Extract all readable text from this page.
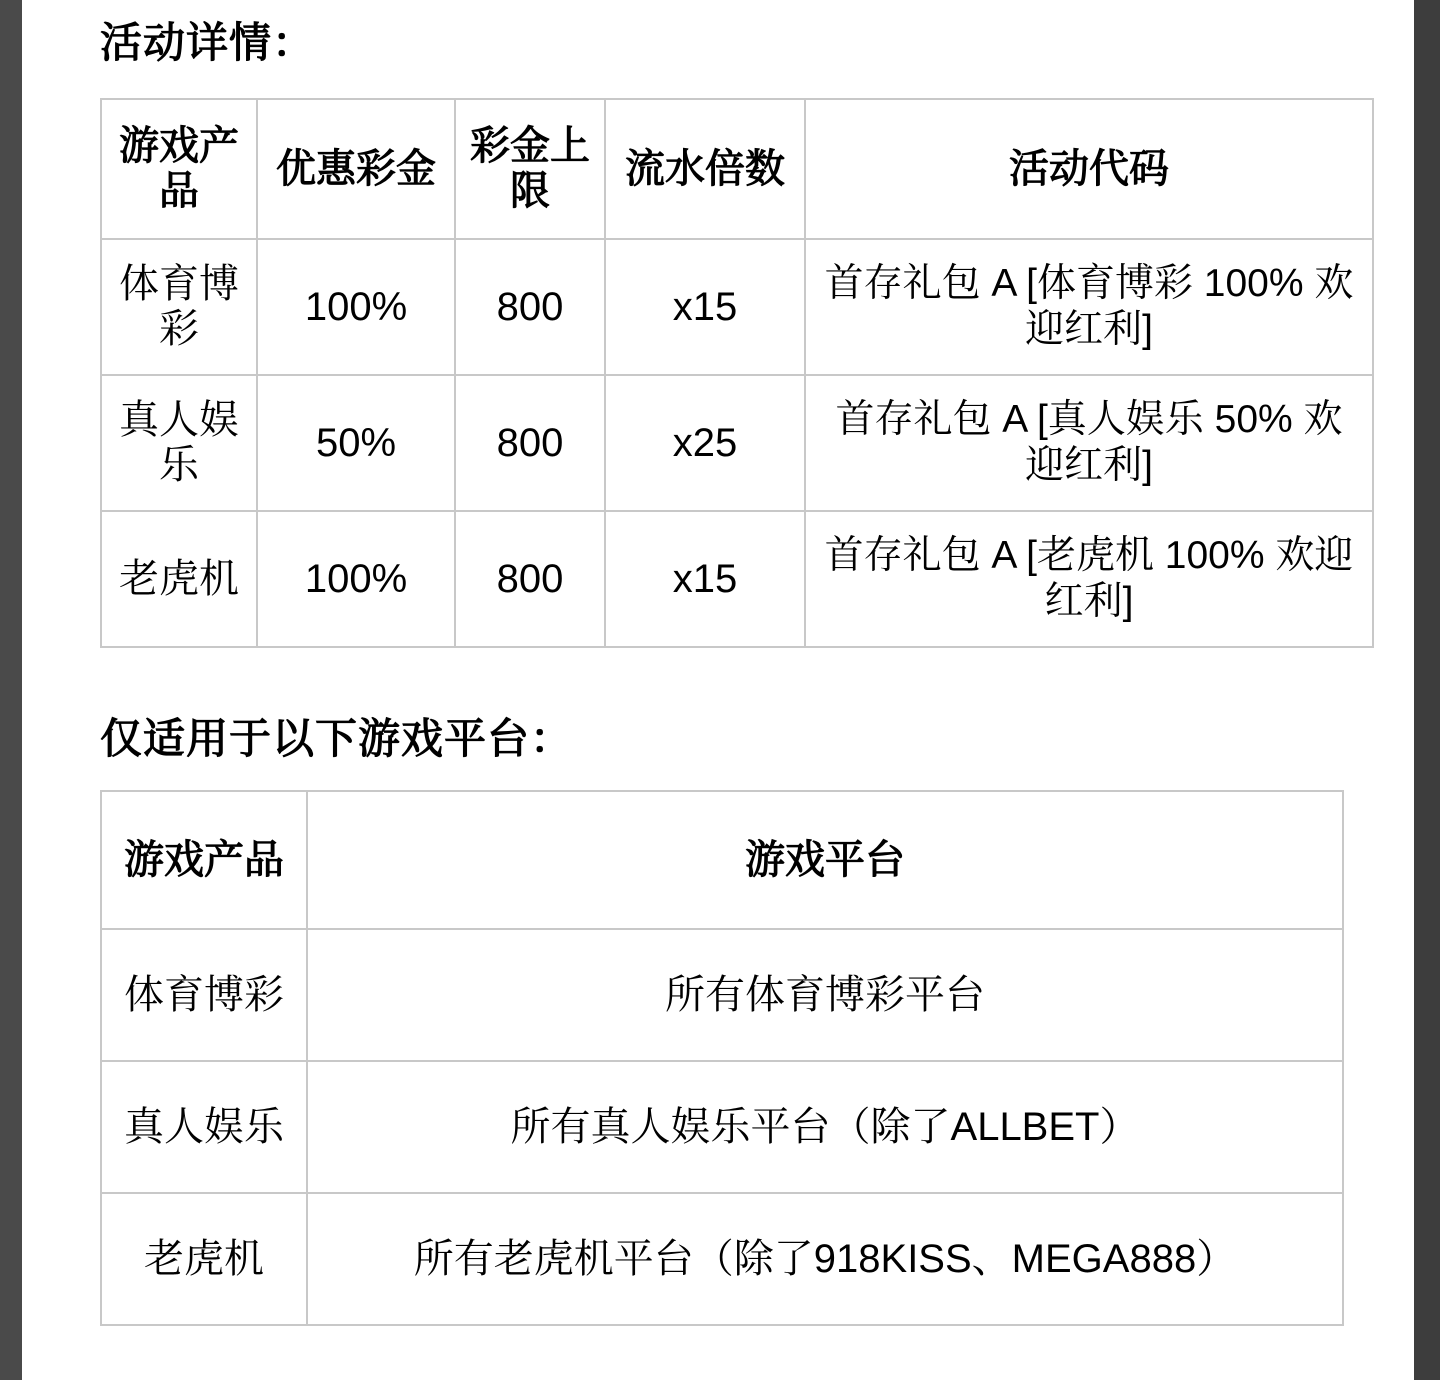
活动详情：
游戏产品	优惠彩金	彩金上限	流水倍数	活动代码
体育博彩	100%	800	x15	首存礼包 A [体育博彩 100% 欢迎红利]
真人娱乐	50%	800	x25	首存礼包 A [真人娱乐 50% 欢迎红利]
老虎机	100%	800	x15	首存礼包 A [老虎机 100% 欢迎红利]
仅适用于以下游戏平台：
游戏产品	游戏平台
体育博彩	所有体育博彩平台
真人娱乐	所有真人娱乐平台（除了ALLBET）
老虎机	所有老虎机平台（除了918KISS、MEGA888）
